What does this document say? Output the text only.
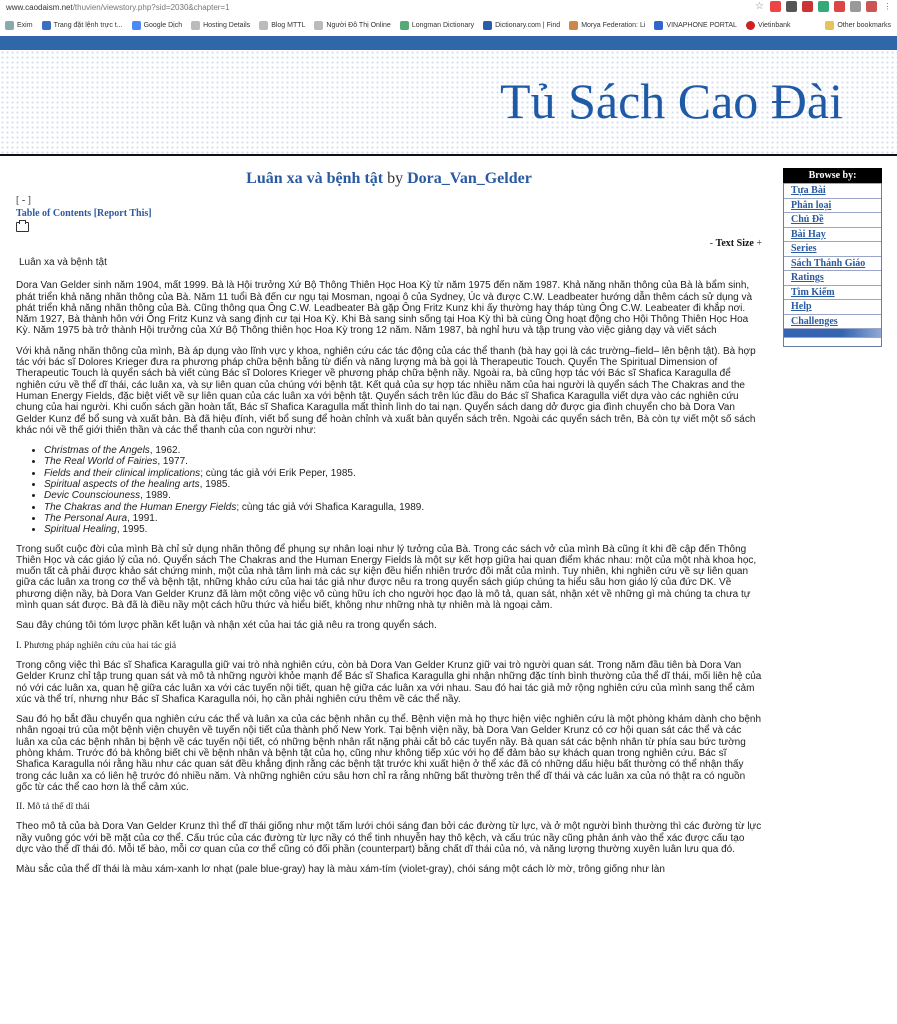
www.caodaism.net/thuvien/viewstory.php?sid=2030&chapter=1	☆	⋮
Exim	Trang đặt lệnh trực t...	Google Dịch	Hosting Details	Blog MTTL	Người Đô Thị Online	Longman Dictionary	Dictionary.com | Find	Morya Federation: Li	VINAPHONE PORTAL	Vietinbank	Other bookmarks
Tủ Sách Cao Đài
Luân xa và bệnh tật by Dora_Van_Gelder
[ - ]
Table of Contents [Report This]
- Text Size +

Luân xa và bệnh tật

Dora Van Gelder sinh năm 1904, mất 1999. Bà là Hội trưởng Xứ Bộ Thông Thiên Học Hoa Kỳ từ năm 1975 đến năm 1987. Khả năng nhãn thông của Bà là bẩm sinh, phát triển khả năng nhãn thông của Bà. Năm 11 tuổi Bà đến cư ngụ tại Mosman, ngoại ô của Sydney, Úc và được C.W. Leadbeater hướng dẫn thêm cách sử dụng và phát triển khả năng nhãn thông của Bà. Cũng thông qua Ông C.W. Leadbeater Bà gặp Ông Fritz Kunz khi ấy thường hay tháp tùng Ông C.W. Leabeater đi khắp nơi. Năm 1927, Bà thành hôn với Ông Fritz Kunz và sang định cư tại Hoa Kỳ. Khi Bà sang sinh sống tại Hoa Kỳ thì bà cùng Ông hoạt động cho Hội Thông Thiên Học Hoa Kỳ. Năm 1975 bà trở thành Hội trưởng của Xứ Bộ Thông thiên học Hoa Kỳ trong 12 năm. Năm 1987, bà nghỉ hưu và tập trung vào việc giảng dạy và viết sách

Với khả năng nhãn thông của mình, Bà áp dụng vào lĩnh vực y khoa, nghiên cứu các tác động của các thể thanh (bà hay gọi là các trường–field– lên bệnh tật). Bà hợp tác với bác sĩ Dolores Krieger đưa ra phương pháp chữa bệnh bằng từ điển và năng lượng mà bà gọi là Therapeutic Touch. Quyển The Spiritual Dimension of Therapeutic Touch là quyển sách bà viết cùng Bác sĩ Dolores Krieger về phương pháp chữa bệnh nầy. Ngoài ra, bà cũng hợp tác với Bác sĩ Shafica Karagulla để nghiên cứu về thể dĩ thái, các luân xa, và sự liên quan của chúng với bệnh tật. Kết quả của sự hợp tác nhiều năm của hai người là quyển sách The Chakras and the Human Energy Fields, đặc biệt viết về sự liên quan của các luân xa với bệnh tật. Quyển sách trên lúc đầu do Bác sĩ Shafica Karagulla viết dựa vào các nghiên cứu chung của hai người. Khi cuốn sách gần hoàn tất, Bác sĩ Shafica Karagulla mất thình lình do tai nạn. Quyển sách dang dở được gia đình chuyển cho bà Dora Van Gelder Kunz để bổ sung và xuất bản. Bà đã hiệu đính, viết bổ sung để hoàn chỉnh và xuất bản quyển sách trên. Ngoài các quyển sách trên, Bà còn tự viết một số sách khác nói về thế giới thiên thần và các thể thanh của con người như:

• Christmas of the Angels, 1962.
• The Real World of Fairies, 1977.
• Fields and their clinical implications; cùng tác giả với Erik Peper, 1985.
• Spiritual aspects of the healing arts, 1985.
• Devic Counsciouness, 1989.
• The Chakras and the Human Energy Fields; cùng tác giả với Shafica Karagulla, 1989.
• The Personal Aura, 1991.
• Spiritual Healing, 1995.

Trong suốt cuộc đời của mình Bà chỉ sử dụng nhãn thông để phụng sự nhân loại như lý tưởng của Bà. Trong các sách vở của mình Bà cũng ít khi đề cập đến Thông Thiên Học và các giáo lý của nó. Quyển sách The Chakras and the Human Energy Fields là một sự kết hợp giữa hai quan điểm khác nhau: một của một nhà khoa học, muốn tất cả phải được khảo sát chứng minh, một của nhà tâm linh mà các sự kiện đều hiển nhiên trước đôi mắt của mình. Tuy nhiên, khi nghiên cứu về sự liên quan giữa các luân xa trong cơ thể và bệnh tật, những khảo cứu của hai tác giả như được nêu ra trong quyển sách giúp chúng ta hiểu sâu hơn giáo lý của đức DK. Về phương diện nầy, bà Dora Van Gelder Krunz đã làm một công việc vô cùng hữu ích cho người học đạo là mô tả, quan sát, nhận xét về những gì mà chúng ta chưa tự mình quan sát được. Bà đã là điều nầy một cách hữu thức và hiểu biết, không như những nhà tự nhiên mà là ngoại cảm.

Sau đây chúng tôi tóm lược phần kết luận và nhận xét của hai tác giả nêu ra trong quyển sách.

I. Phương pháp nghiên cứu của hai tác giả

Trong công việc thì Bác sĩ Shafica Karagulla giữ vai trò nhà nghiên cứu, còn bà Dora Van Gelder Krunz giữ vai trò người quan sát. Trong năm đầu tiên bà Dora Van Gelder Krunz chỉ tập trung quan sát và mô tả những người khỏe mạnh để Bác sĩ Shafica Karagulla ghi nhận những đặc tính bình thường của thể dĩ thái, mối liên hệ của nó với các luân xa, quan hệ giữa các luân xa với các tuyến nội tiết, quan hệ giữa các luân xa với nhau. Sau đó hai tác giả mở rộng nghiên cứu của mình sang thể cảm xúc và thể trí, nhưng như Bác sĩ Shafica Karagulla nói, họ cần phải nghiên cứu thêm về các thể nầy.

Sau đó họ bắt đầu chuyển qua nghiên cứu các thể và luân xa của các bệnh nhân cụ thể. Bệnh viện mà họ thực hiện việc nghiên cứu là một phòng khám dành cho bệnh nhân ngoại trú của một bệnh viện chuyên về tuyến nội tiết của thành phố New York. Tại bệnh viện nầy, bà Dora Van Gelder Krunz có cơ hội quan sát các thể và các luân xa của các bệnh nhân bị bệnh về các tuyến nội tiết, có những bệnh nhân rất nặng phải cắt bỏ các tuyến nầy. Bà quan sát các bệnh nhân từ phía sau bức tường phòng khám. Trước đó bà không biết chi về bệnh nhân và bệnh tật của họ, cũng như không tiếp xúc với họ để đảm bảo sự khách quan trong nghiên cứu. Bác sĩ Shafica Karagulla nói rằng hầu như các quan sát đều khẳng định rằng các bệnh tật trước khi xuất hiện ở thể xác đã có những dấu hiệu bất thường có thể nhận thấy trong các luân xa có liên hệ trước đó nhiều năm. Và những nghiên cứu sâu hơn chỉ ra rằng những bất thường trên thể dĩ thái và các luân xa của nó thật ra có nguồn gốc từ các thể cao hơn là thể cảm xúc.

II. Mô tả thể dĩ thái

Theo mô tả của bà Dora Van Gelder Krunz thì thể dĩ thái giống như một tấm lưới chói sáng đan bởi các đường từ lực, và ở một người bình thường thì các đường từ lực nầy vuông góc với bề mặt của cơ thể. Cấu trúc của các đường từ lực nầy có thể tinh nhuyễn hay thô kệch, và cấu trúc nầy cũng phản ánh vào thể xác được cấu tạo dực vào thể dĩ thái đó. Mỗi tế bào, mỗi cơ quan của cơ thể cũng có đối phần (counterpart) bằng chất dĩ thái của nó, và năng lượng thường xuyên luân lưu qua đó.

Màu sắc của thể dĩ thái là màu xám-xanh lơ nhạt (pale blue-gray) hay là màu xám-tím (violet-gray), chói sáng một cách lờ mờ, trông giống như làn

Browse by:
Tựa Bài
Phân loại
Chủ Đề
Bài Hay
Series
Sách Thánh Giáo
Ratings
Tìm Kiếm
Help
Challenges
